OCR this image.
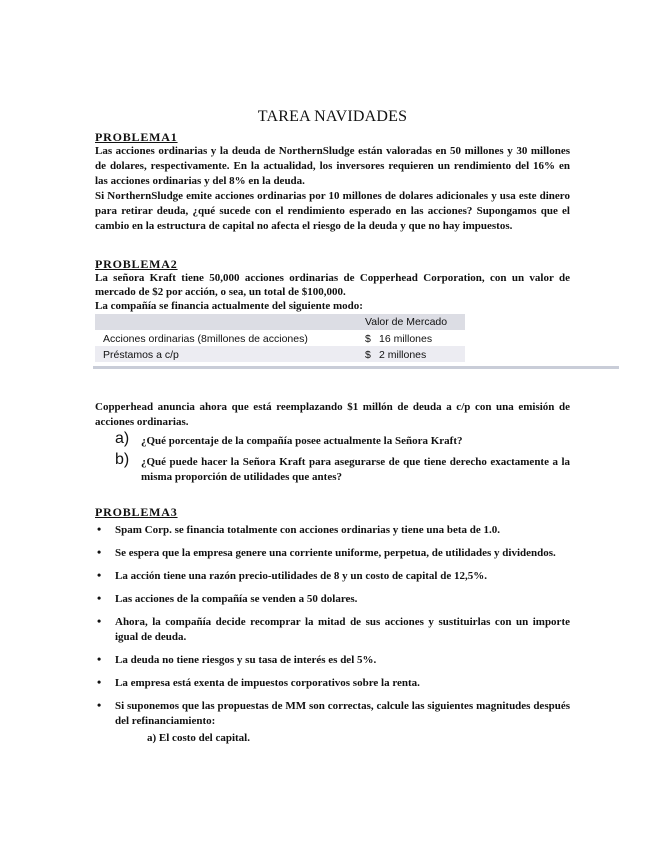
TAREA NAVIDADES
PROBLEMA1

Las acciones ordinarias y la deuda de NorthernSludge están valoradas en 50 millones y 30 millones de dolares, respectivamente. En la actualidad, los inversores requieren un rendimiento del 16% en las acciones ordinarias y del 8% en la deuda.

Si NorthernSludge emite acciones ordinarias por 10 millones de dolares adicionales y usa este dinero para retirar deuda, ¿qué sucede con el rendimiento esperado en las acciones? Supongamos que el cambio en la estructura de capital no afecta el riesgo de la deuda y que no hay impuestos.

PROBLEMA2

La señora Kraft tiene 50,000 acciones ordinarias de Copperhead Corporation, con un valor de mercado de $2 por acción, o sea, un total de $100,000.

La compañía se financia actualmente del siguiente modo:

	Valor de Mercado	
Acciones ordinarias (8millones de acciones)	$	16 millones
Préstamos a c/p	$	2 millones

Copperhead anuncia ahora que está reemplazando $1 millón de deuda a c/p con una emisión de acciones ordinarias.

a) ¿Qué porcentaje de la compañía posee actualmente la Señora Kraft?
b) ¿Qué puede hacer la Señora Kraft para asegurarse de que tiene derecho exactamente a la misma proporción de utilidades que antes?
PROBLEMA3
• Spam Corp. se financia totalmente con acciones ordinarias y tiene una beta de 1.0.
• Se espera que la empresa genere una corriente uniforme, perpetua, de utilidades y dividendos.
• La acción tiene una razón precio-utilidades de 8 y un costo de capital de 12,5%.
• Las acciones de la compañía se venden a 50 dolares.
• Ahora, la compañía decide recomprar la mitad de sus acciones y sustituirlas con un importe igual de deuda.
• La deuda no tiene riesgos y su tasa de interés es del 5%.
• La empresa está exenta de impuestos corporativos sobre la renta.
• Si suponemos que las propuestas de MM son correctas, calcule las siguientes magnitudes después del refinanciamiento:

a) El costo del capital.
